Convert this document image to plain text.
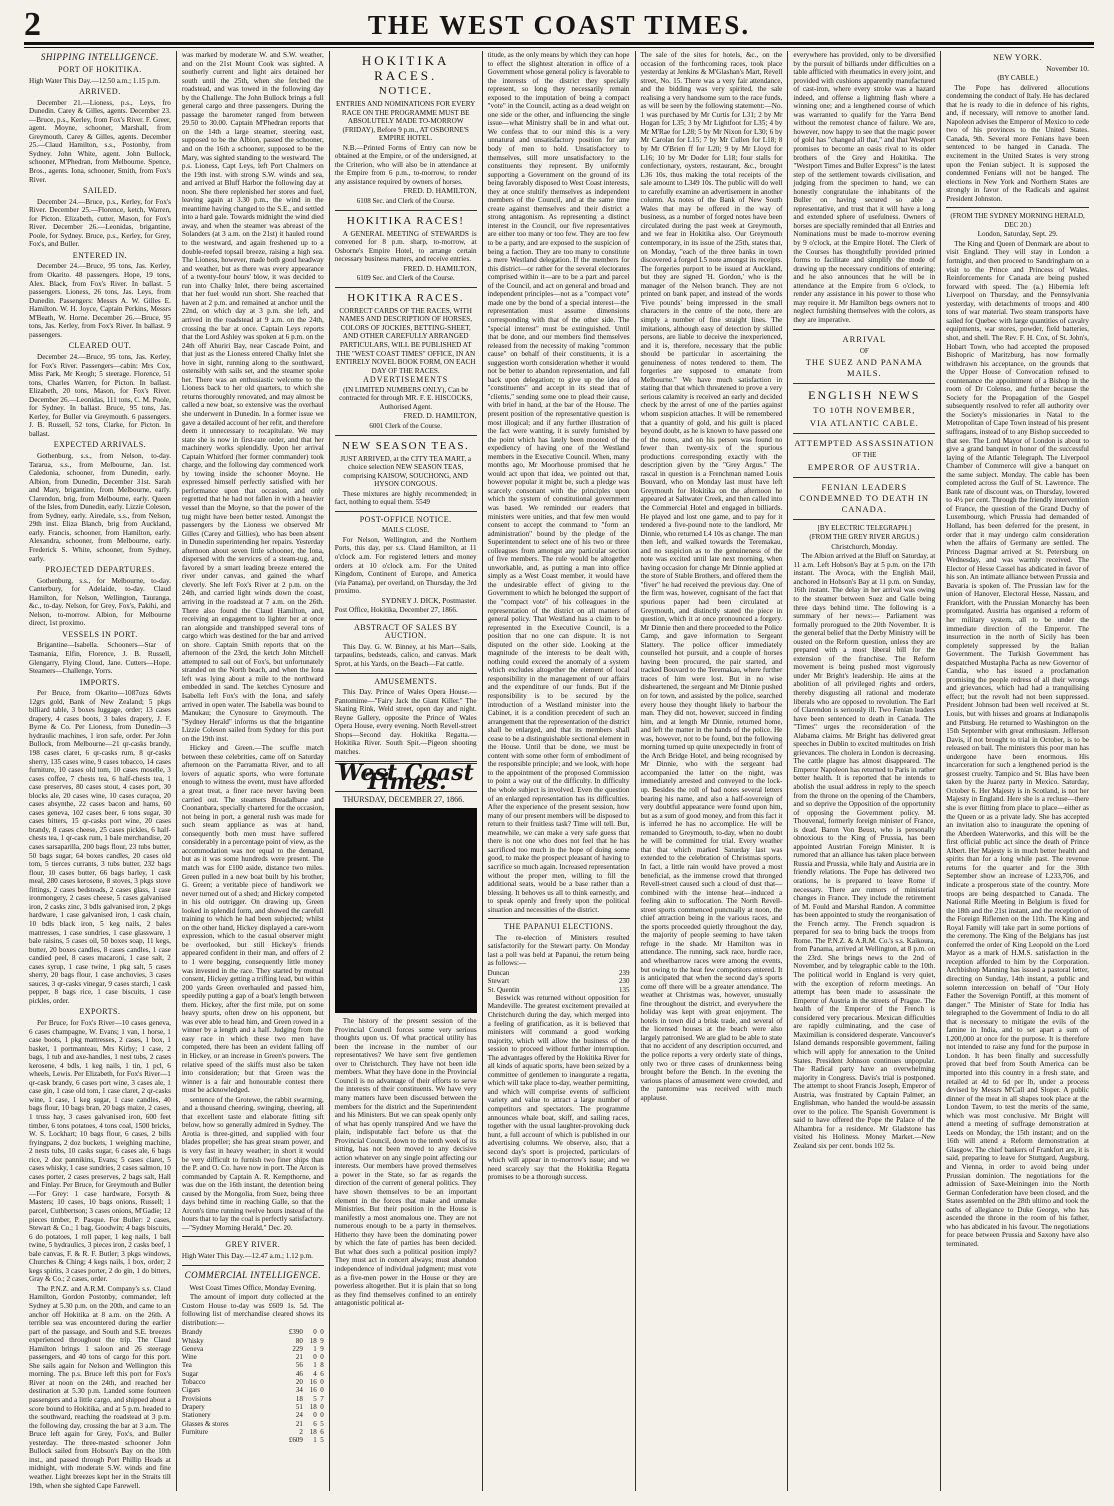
2	THE WEST COAST TIMES.
SHIPPING INTELLIGENCE.
PORT OF HOKITIKA.

High Water This Day.—12.50 a.m.; 1.15 p.m.

ARRIVED.

December 21.—Lioness, p.s., Leys, fro Dunedin. Carey & Gilles, agents. December 23.—Bruce, p.s., Kerley, from Fox's River. F. Greer, agent. Moyne, schooner, Marshall, from Greymouth. Carey & Gilles, agents. December 25.—Claud Hamilton, s.s., Postonby, from Sydney. John White, agent. John Bullock, schooner, M'Phedran, from Melbourne. Spence, Bros., agents. Iona, schooner, Smith, from Fox's River.

SAILED.

December 24.—Bruce, p.s., Kerley, for Fox's River. December 25.—Florence, ketch, Warren, for Picton. Elizabeth, cutter, Mason, for Fox's River. December 26.—Leonidas, brigantine, Poole, for Sydney. Bruce, p.s., Kerley, for Grey, Fox's, and Buller.

ENTERED IN.

December 24.—Bruce, 95 tons, Jas. Kerley, from Okarito. 48 passengers. Hope, 19 tons, Alex. Black, from Fox's River. In ballast. 5 passengers. Lioness, 26 tons, Jas. Leys, from Dunedin. Passengers: Messrs A. W. Gilles E. Hamilton. W. H. Joyce, Captain Perkins, Messrs M'Beath, W. Horne. December 26.—Bruce, 95 tons, Jas. Kerley, from Fox's River. In ballast. 9 passengers.

CLEARED OUT.

December 24.—Bruce, 95 tons, Jas. Kerley, for Fox's River. Passengers—cabin: Mrs Cox, Miss Park, Mr Keogh; 5 steerage. Florence, 51 tons, Charles Warren, for Picton. In ballast. Elizabeth, 20 tons, Mason, for Fox's River. December 26.—Leonidas, 111 tons, C. M. Poole, for Sydney. In ballast. Bruce, 95 tons, Jas. Kerley, for Buller via Greymouth. 6 passengers. J. B. Russell, 52 tons, Clarke, for Picton. In ballast.

EXPECTED ARRIVALS.

Gothenburg, s.s., from Nelson, to-day. Tararua, s.s., from Melbourne, Jan. 1st. Caledonia, schooner, from Dunedin, early. Albion, from Dunedin, December 31st. Sarah and Mary, brigantine, from Melbourne, early. Clarendon, brig, from Melbourne, early. Queen of the Isles, from Dunedin, early. Lizzie Coleson, from Sydney, early. Airedale, s.s., from Nelson, 29th inst. Eliza Blanch, brig from Auckland, early. Francis, schooner, from Hamilton, early. Alexandra, schooner, from Melbourne, early. Frederick S. White, schooner, from Sydney, early.

PROJECTED DEPARTURES.

Gothenburg, s.s., for Melbourne, to-day. Canterbury, for Adelaide, to-day. Claud Hamilton, for Nelson, Wellington, Tauranga, &c., to-day. Nelson, for Grey, Fox's, Pakihi, and Nelson, to-morrow. Albion, for Melbourne direct, 1st proximo.

VESSELS IN PORT.

Brigantine—Isabella. Schooners—Star of Tasmania, Elfin, Florence, J. B. Russell, Glengarry, Flying Cloud, Jane. Cutters—Hope. Steamers—Challenge, Yorrs.

IMPORTS.

Per Bruce, from Okarito—1087ozs 6dwts 12grs gold, Bank of New Zealand; 5 pkgs billiard table, 3 boxes luggage, order; 13 cases drapery, 4 cases boots, 3 bales drapery, J. F. Byrne & Co. Per Lioness, from Dunedin—3 hydraulic machines, 1 iron safe, order. Per John Bullock, from Melbourne—21 qr-casks brandy, 198 cases claret, 6 qr-casks rum, 8 qr-casks sherry, 135 cases wine, 9 cases tobacco, 14 cases furniture, 10 cases old tom, 10 cases moselle, 3 cases coffee, 7 chests tea, 6 half-chests tea, 1 case preserves, 80 cases stout, 4 cases port, 30 blocks ale, 20 cases wine, 10 cases curaçoa, 20 cases absynthe, 22 cases bacon and hams, 60 cases geneva, 102 cases beer, 6 tons sugar, 30 cases bitters, 15 qr-casks port wine, 20 cases brandy, 8 cases cheese, 25 cases pickles, 6 half-chests tea, 1 qr-cask rum, 1 bale merchandise, 20 cases sarsaparilla, 200 bags flour, 23 tubs butter, 50 bags sugar, 64 boxes candles, 20 cases old tom, 5 tierces currants, 3 tubs butter, 232 bags flour, 10 cases butter, 66 bags barley, 1 cask meal, 280 cases kerosene, 8 stoves, 3 pkgs stove fittings, 2 cases bedsteads, 2 cases glass, 1 case ironmongery, 2 cases cheese, 5 cases galvanised iron, 2 casks zinc, 3 bdls galvanised iron, 2 pkgs hardware, 1 case galvanised iron, 1 cask chain, 10 bdls black iron, 5 keg nails, 2 bales mattresses, 1 case sundries, 1 case glassware, 1 bale raisins, 5 cases oil, 50 boxes soap, 11 kegs, butter, 20 boxes candles, 8 cases candles, 1 case candied peel, 8 cases macaroni, 1 case salt, 2 cases syrup, 1 case twine, 1 pkg salt, 5 cases sherry, 20 bags flour, 1 case anchovies, 3 cases sauces, 3 qr-casks vinegar, 9 cases starch, 1 cask pepper, 8 bags rice, 1 case biscuits, 1 case pickles, order.

EXPORTS.

Per Bruce, for Fox's River—10 cases geneva, 6 cases champagne, W. Evans; 1 van, 1 horse, 1 case boots, 1 pkg mattresses, 2 cases, 1 box, 1 basket, 1 portmanteau, Mrs Kirby; 1 case, 2 bags, 1 tub and axe-handles, 1 nest tubs, 2 cases kerosene, 4 bdls, 1 keg nails, 1 tin, 1 pcl, 6 wheels, Lewis. Per Elizabeth, for Fox's River—1 qr-cask brandy, 6 cases port wine, 3 cases ale, 1 case gin, 1 case old tom, 1 case claret, 2 qr-casks wine, 1 case, 1 keg sugar, 1 case candles, 40 bags flour, 10 bags bran, 20 bags maize, 2 cases, 1 truss hay, 3 cases galvanised iron, 600 feet timber, 6 tons potatoes, 4 tons coal, 1500 bricks, W. S. Lockhart; 10 bags flour, 6 cases, 2 bills fryingpans, 2 doz buckets, 1 weighing machine, 2 nests tubs, 10 casks sugar, 6 cases ale, 6 bags rice, 2 doz pannikins, Evans; 5 cases claret, 5 cases whisky, 1 case sundries, 2 cases salmon, 10 cases porter, 2 cases preserves, 2 bags salt, Hall and Finlay. Per Bruce, for Greymouth and Buller—For Grey: 1 case hardware, Forsyth & Masters; 10 cases, 10 bags onions, Russell; 1 parcel, Cuthbertson; 3 cases onions, M'Gadie; 12 pieces timber, P. Pasque. For Buller: 2 cases, Stewart & Co.; 1 bag, Goodwin; 4 bags biscuits, 6 do potatoes, 1 roll paper, 1 keg nails, 1 ball twine, 5 hydraulics, 3 pieces iron, 2 casks beef, 1 bale canvas, F. & R. F. Butler; 3 pkgs windows, Churches & Ching; 4 kegs nails, 1 box, order; 2 kegs spirits, 3 cases porter, 2 do gin, 1 do bitters, Gray & Co.; 2 cases, order.

The P.N.Z. and A.R.M. Company's s.s. Claud Hamilton, Gordon Postonby, commander, left Sydney at 5.30 p.m. on the 20th, and came to an anchor off Hokitika at 8 a.m. on the 26th. A terrible sea was encountered during the earlier part of the passage, and South and S.E. breezes experienced throughout the trip. The Claud Hamilton brings 1 saloon and 26 steerage passengers, and 40 tons of cargo for this port. She sails again for Nelson and Wellington this morning. The p.s. Bruce left this port for Fox's River at noon on the 24th, and reached her destination at 5.30 p.m. Landed some fourteen passengers and a little cargo, and shipped about a score bound to Hokitika, and at 5 p.m. headed to the southward, reaching the roadstead at 3 p.m. the following day, crossing the bar at 3 a.m. The Bruce left again for Grey, Fox's, and Buller yesterday. The three-masted schooner John Bullock sailed from Hobson's Bay on the 10th inst., and passed through Port Phillip Heads at midnight, with moderate S.W. winds and fine weather. Light breezes kept her in the Straits till 19th, when she sighted Cape Farewell.

was marked by moderate W. and S.W. weather, and on the 21st Mount Cook was sighted. A southerly current and light airs detained her south until the 25th, when she fetched the roadstead, and was towed in the following day by the Challenge. The John Bullock brings a full general cargo and three passengers. During the passage the barometer ranged from between 29.50 to 30.00. Captain M'Phedran reports that on the 14th a large steamer, steering east, supposed to be the Albion, passed the schooner, and on the 16th a schooner, supposed to be the Mary, was sighted standing to the westward. The p.s. Lioness, Capt Leys, left Port Chalmers on the 19th inst. with strong S.W. winds and sea, and arrived at Bluff Harbor the following day at noon. She there replenished her stores and fuel, leaving again at 3.30 p.m., the wind in the meantime having changed to the S.E., and settled into a hard gale. Towards midnight the wind died away, and when the steamer was abreast of the Solanders (at 3 a.m. on the 21st) it hauled round to the westward, and again freshened up to a double-reefed topsail breeze, raising a high sea. The Lioness, however, made both good headway and weather, but as there was every appearance of a twenty-four hours' blow, it was decided to run into Chalky Inlet, there being ascertained that her fuel would run short. She reached that haven at 2 p.m. and remained at anchor until the 22nd, on which day at 3 p.m. she left, and arrived in the roadstead at 9 a.m. on the 24th, crossing the bar at once. Captain Leys reports that the Lord Ashley was spoken at 6 p.m. on the 24th off Ahuriri Bay, near Cascade Point, and that just as the Lioness entered Chalky Inlet she hove in sight, running along to the southward, ostensibly with sails set, and the steamer spoke her. There was an enthusiastic welcome to the Lioness back to her old quarters, to which she returns thoroughly renovated, and may almost be called a new boat, so extensive was the overhaul she underwent in Dunedin. In a former issue we gave a detailed account of her refit, and therefore deem it unnecessary to recapitulate. We may state she is now in first-rate order, and that her machinery works splendidly. Upon her arrival Captain Whitford (her former commander) took charge, and the following day commenced work by towing inside the schooner Moyne. He expressed himself perfectly satisfied with her performance upon that occasion, and only regretted that he had not fallen in with a heavier vessel than the Moyne, so that the power of the tug might have been better tested. Amongst the passengers by the Lioness we observed Mr Gilles (Carey and Gillies), who has been absent in Dunedin superintending her repairs. Yesterday afternoon about seven little schooner, the Iona, dispersed with the services of a steam-tug, and, favored by a smart leading breeze entered the river under canvas, and gained the wharf cleverly. She left Fox's River at 2 p.m. on the 24th, and carried light winds down the coast, arriving in the roadstead at 7 a.m. on the 26th. There also found the Claud Hamilton, and, receiving an engagement to lighter her at once ran alongside and transhipped several tons of cargo which was destined for the bar and arrived on shore. Captain Smith reports that on the afternoon of the 23rd, the ketch John Mitchell attempted to sail out of Fox's, but unfortunately stranded on the North beach, and when the Iona left was lying about a mile to the northward embedded in sand. The ketches Cynosure and Isabella left Fox's with the Iona, and safely arrived in open water. The Isabella was bound to Manukau; the Cynosure to Greymouth. The "Sydney Herald" informs us that the brigantine Lizzie Coleson sailed from Sydney for this port on the 19th inst.

Hickey and Green.—The scuffle match between these celebrities, came off on Saturday afternoon on the Parramatta River, and to all lovers of aquatic sports, who were fortunate enough to witness the event, must have afforded a great treat, a finer race never having been carried out. The steamers Breadalbane and Coonanbara, specially chartered for the occasion, not being in port, a general rush was made for such steam appliance as was at hand, consequently both men must have suffered considerably in a percentage point of view, as the accommodation was not equal to the demand, but as it was some hundreds were present. The match was for £100 aside, distance two miles. Green pulled in a new boat built by his brother, G. Green; a veritable piece of handiwork we never turned out of a shed; and Hickey competed in his old outrigger. On drawing up, Green looked in splendid form, and showed the carefull training to which he had been subjected; whilst on the other hand, Hickey displayed a care-worn expression, which to the casual observer might be overlooked, but still Hickey's friends appeared confident in their man, and offers of 2 to 1 were begging, consequently little money was invested in the race. They started by mutual consent, Hickey getting a trifling lead, but within 200 yards Green overhauled and passed him, speedily putting a gap of a boat's length between them. Hickey, after the first mile, put on some heavy spurts, often drew on his opponent, but was ever able to head him, and Green rowed in a winner by a length and a half. Judging from the easy race in which these two men have competed, there has been an evident falling off in Hickey, or an increase in Green's powers. The relative speed of the skiffs must also be taken into consideration; but that Green was the winner is a fair and honourable contest there must be acknowledged.

sentence of the Grotewe, the rabbit swarming, and a thousand cheering, swinging, cheering, all that excellent taste and elaborate fitting sift below, how so generally admired in Sydney. The Arotia is three-gitted, and supplied with four blades propeller; she has great steam power, and is very fast in heavy weather; in short it would be very difficult to furnish two finer ships than the P. and O. Co. have now in port. The Arcon is commanded by Captain A. R. Kempthorne, and was due on the 16th instant, the detention being caused by the Mongolia, from Suez, being three days behind time in reaching Galle, so that the Arcon's time running twelve hours instead of the hours that to lay the coal is perfectly satisfactory.—"Sydney Morning Herald," Dec. 20.

GREY RIVER.

High Water This Day.—12.47 a.m.; 1.12 p.m.

COMMERCIAL INTELLIGENCE.

West Coast Times Office, Monday Evening.

The amount of import duty collected at the Custom House to-day was £609 1s. 5d. The following list of merchandise cleared shows its distribution:—

Brandy	£390	0	0
Whisky	80	18	9
Geneva	229	1	9
Wine	21	0	0
Tea	56	1	8
Sugar	46	4	6
Tobacco	20	16	0
Cigars	34	16	0
Provisions	18	5	7
Drapery	51	18	0
Stationery	24	0	0
Glasses & stores	21	6	5
Furniture	2	18	6
	£609	1	5
HOKITIKA RACES.
NOTICE.

ENTRIES AND NOMINATIONS FOR EVERY RACE ON THE PROGRAMME MUST BE ABSOLUTELY MADE TO-MORROW (FRIDAY), Before 9 p.m., AT OSBORNE'S EMPIRE HOTEL.

N.B.—Printed Forms of Entry can now be obtained at the Empire, or of the undersigned, at the Criterion, who will also be in attendance at the Empire from 6 p.m., to-morrow, to render any assistance required by owners of horses.

FRED. D. HAMILTON,
6108 Sec. and Clerk of the Course.
HOKITIKA RACES!

A GENERAL MEETING of STEWARDS is convened for 8 p.m. sharp, to-morrow, at Osborne's Empire Hotel, to arrange certain necessary business matters, and receive entries.

FRED. D. HAMILTON,
6109 Sec. and Clerk of the Course.
HOKITIKA RACES.

CORRECT CARDS OF THE RACES, WITH NAMES AND DESCRIPTION OF HORSES, COLORS OF JOCKIES, BETTING-SHEET, AND OTHER CAREFULLY ARRANGED PARTICULARS, WILL BE PUBLISHED AT THE "WEST COAST TIMES" OFFICE, IN AN ENTIRELY NOVEL BOOK FORM, ON EACH DAY OF THE RACES.

ADVERTISEMENTS

(IN LIMITED NUMBERS ONLY), Can be contracted for through MR. F. E. HISCOCKS, Authorised Agent.

FRED. D. HAMILTON,
6001 Clerk of the Course.
NEW SEASON TEAS.

JUST ARRIVED, at the CITY TEA MART, a choice selection NEW SEASON TEAS, comprising KAISOW, SOUCHONG, AND HYSON CONGOUS.

These mixtures are highly recommended; in fact, nothing to equal them. 5549

POST-OFFICE NOTICE.
MAILS CLOSE.

For Nelson, Wellington, and the Northern Ports, this day, per s.s. Claud Hamilton, at 11 o'clock a.m. For registered letters and money orders at 10 o'clock a.m. For the United Kingdom, Continent of Europe, and America (via Panama), per overland, on Thursday, the 3rd proximo.

SYDNEY J. DICK, Postmaster.

Post Office, Hokitika, December 27, 1866.

ABSTRACT OF SALES BY AUCTION.

This Day. G. W. Binney, at his Mart—Sails, tarpaulins, bedsteads, calico, and canvas. Mark Sprot, at his Yards, on the Beach—Fat cattle.

AMUSEMENTS.

This Day. Prince of Wales Opera House.—Pantomime—"Fairy Jack the Giant Killer." The Skating Rink, Weld street, open day and night. Reyne Gallery, opposite the Prince of Wales Opera House, every evening. North Revell-street Shops—Second day. Hokitika Regatta.—Hokitika River. South Spit.—Pigeon shooting matches.

West Coast Times.

THURSDAY, DECEMBER 27, 1866.

The history of the present session of the Provincial Council forces some very serious thoughts upon us. Of what practical utility has been the increase in the number of our representatives? We have sent five gentlemen over to Christchurch. They have not been idle members. What they have done in the Provincial Council is no advantage of their efforts to serve the interests of their constituents. We have very many matters have been discussed between the members for the district and the Superintendent and his Ministers. But we can speak openly only of what has openly transpired And we have the plain, indisputable fact before us that the Provincial Council, down to the tenth week of its sitting, has not been moved to any decisive action whatever on any single point affecting our interests. Our members have proved themselves a power in the State, so far as regards the direction of the current of general politics. They have shown themselves to be an important element in the forces that make and unmake Ministries. But their position in the House is manifestly a most anomalous one. They are not numerous enough to be a party in themselves. Hitherto they have been the dominating power by which the fate of parties has been decided. But what does such a political position imply? They must act in concert always; must abandon independence of individual judgment; must vote as a five-men power in the House or they are powerless altogether. But it is plain that so long as they find themselves confined to an entirely antagonistic political at-

titude, as the only means by which they can hope to effect the slightest alteration in office of a Government whose general policy is favorable to the interests of the district they specially represent, so long they necessarily remain exposed to the imputation of being a compact "vote" in the Council, acting as a dead weight on one side or the other, and influencing the single issue—what Ministry shall be in and what out. We confess that to our mind this is a very unnatural and unsatisfactory position for any body of men to hold. Unsatisfactory to themselves, still more unsatisfactory to the constituents they represent. By uniformly supporting a Government on the ground of its being favorably disposed to West Coast interests, they at once stultify themselves as independent members of the Council, and at the same time create against themselves and their district a strong antagonism. As representing a distinct interest in the Council, our five representatives are either too many or too few. They are too few to be a party, and are exposed to the suspicion of being a faction. They are too many to constitute a mere Westland delegation. If the members for this district—or rather for the several electorates comprised within it—are to be a part and parcel of the Council, and act on general and broad and independent principles—not as a "compact vote" made one by the bond of a special interest—the representation must assume dimensions corresponding with that of the other side. The "special interest" must be extinguished. Until that be done, and our members find themselves released from the necessity of making "common cause" on behalf of their constituents, it is a suggestion worth consideration whether it would not be better to abandon representation, and fall back upon delegation; to give up the idea of "constituents" and accept in its stead that of "clients," sending some one to plead their cause, with brief in hand, at the bar of the House. The present position of the representative question is most illogical; and if any further illustration of the fact were wanting, it is surely furnished by the point which has lately been mooted of the expediency of having one of the Westland members in the Executive Council. When, many months ago, Mr Moorhouse promised that he would act upon that idea, we pointed out that, however popular it might be, such a pledge was scarcely consonant with the principles upon which the system of constitutional government was based. We reminded our readers that ministers were unities, and that few men would consent to accept the command to "form an administration" bound by the pledge of the Superintendent to select one of his two or three colleagues from amongst any particular section of five members. The rule would be altogether unworkable, and, as putting a man into office simply as a West Coast member, it would have the undesirable effect of giving to the Government to which he belonged the support of the "compact vote" of his colleagues in the representation of the district on all matters of general policy. That Westland has a claim to be represented in the Executive Council, is a position that no one can dispute. It is not disputed on the other side. Looking at the magnitude of the interests to be dealt with, nothing could exceed the anomaly of a system which excludes altogether the element of local responsibility in the management of our affairs and the expenditure of our funds. But if the responsibility is to be secured by the introduction of a Westland minister into the Cabinet, it is a condition precedent of such an arrangement that the representation of the district shall be enlarged, and that its members shall cease to be a distinguishable sectional element in the House. Until that be done, we must be content with some other form of embodiment of the responsible principle; and we look, with hope to the appointment of the proposed Commission to point a way out of the difficulty. In difficulty the whole subject is involved. Even the question of an enlarged representation has its difficulties. After the experience of the present session, how many of our present members will be disposed to return to their fruitless task? Time will tell. But, meanwhile, we can make a very safe guess that there is not one who does not feel that he has sacrificed too much in the hope of doing some good, to make the prospect pleasant of having to sacrifice so much again. Increased representation without the proper men, willing to fill the additional seats, would be a base rather than a blessing. It behoves us all to think earnestly, and to speak openly and freely upon the political situation and necessities of the district.

THE PAPANUI ELECTIONS.

The re-election of Ministers resulted satisfactorily for the Stewart party. On Monday last a poll was held at Papanui, the return being as follows:—

Duncan	239
Stewart	230
St. Quentin	135

Beswick was returned without opposition for Mandeville. The greatest excitement prevailed at Christchurch during the day, which merged into a feeling of gratification, as it is believed that ministers will command a good working majority, which will allow the business of the session to proceed without further interruption. The advantages offered by the Hokitika River for all kinds of aquatic sports, have been seized by a committee of gentlemen to inaugurate a regatta, which will take place to-day, weather permitting, and which will comprise events of sufficient variety and value to attract a large number of competitors and spectators. The programme announces whale boat, skiff, and sailing races, together with the usual laughter-provoking duck hunt, a full account of which is published in our advertising columns. We observe, also, that a second day's sport is projected, particulars of which will appear in to-morrow's issue; and we need scarcely say that the Hokitika Regatta promises to be a thorough success.

The sale of the sites for hotels, &c., on the occasion of the forthcoming races, took place yesterday at Jenkins & M'Glashan's Mart, Revell street, No. 15. There was a very fair attendance, and the bidding was very spirited, the sale realising a very handsome sum to the race funds, as will be seen by the following statement:—No. 1 was purchased by Mr Curtis for L31; 2 by Mr Hogan for L35; 3 by Mr Lightfoot for L35; 4 by Mr M'Rae for L28; 5 by Mr Nixon for L30; 6 by Mr Carolan for L15; 7 by Mr Cullen for L18; 8 by Mr O'Brien ff for L20; 9 by Mr Lloyd for L16; 10 by Mr Doder for L18; four stalls for confectionary, oysters, restaurant, &c., brought L36 10s, thus making the total receipts of the sale amount to L349 10s. The public will do well to carefully examine an advertisement in another column. As notes of the Bank of New South Wales that may be offered in the way of business, as a number of forged notes have been circulated during the past week at Greymouth, and we fear in Hokitika also. Our Greymouth contemporary, in its issue of the 25th, states that, on Monday, "each of the three banks in town discovered a forged L5 note amongst its receipts. The forgeries purport to be issued at Auckland, but they are signed 'H. Gordon,' who is the manager of the Nelson branch. They are not printed on bank paper, and instead of the words 'Five pounds' being impressed in the small characters in the centre of the note, there are simply a number of fine straight lines. The imitations, although easy of detection by skilled persons, are liable to deceive the inexperienced, and it is, therefore, necessary that the public should be particular in ascertaining the genuineness of notes tendered to them. The forgeries are supposed to emanate from Melbourne." We have much satisfaction in stating that that which threatened to prove a very serious calamity is received an early and decided check by the arrest of one of the parties against whom suspicion attaches. It will be remembered that a quantity of gold, and his guilt is placed beyond doubt, as he is known to have passed one of the notes, and on his person was found no fewer than twenty-six of the spurious productions corresponding exactly with the description given by the "Grey Argus." The rascal in question is a Frenchman named Louis Bouvard, who on Monday last must have left Greymouth for Hokitika on the afternoon he appeared at Saltwater Creek, and then called into the Commercial Hotel and engaged in billiards. He played and lost one game, and to pay for it tendered a five-pound note to the landlord, Mr Dinnie, who returned L4 10s as change. The man then left, and walked towards the Teremakau, and no suspicion as to the genuineness of the note was excited until late next morning, when having occasion for change Mr Dinnie applied at the store of Stable Brothers, and offered them the "fiver" he had received the previous day. One of the firm was, however, cognisant of the fact that spurious paper had been circulated at Greymouth, and distinctly stated the piece in question, which it at once pronounced a forgery. Mr Dinnie then and there proceeded to the Police Camp, and gave information to Sergeant Slattery. The police officer immediately counselled hot pursuit, and a couple of horses having been procured, the pair started, and tracked Bouvard to the Teremakau, where further traces of him were lost. But in no wise disheartened, the sergeant and Mr Dinnie pushed on for town, and assisted by the police, searched every house they thought likely to harbour the man. They did not, however, succeed in finding him, and at length Mr Dinnie, returned home, and left the matter in the hands of the police. He was, however, not to be found, but the following morning turned up quite unexpectedly in front of the Arch Bridge Hotel, and being recognised by Mr Dinnie, who with the sergeant had accompanied the latter on the night, was immediately arrested and conveyed to the lock-up. Besides the roll of bad notes several letters bearing his name, and also a half-sovereign of very doubtful appearance were found upon him, but as a sum of good money, and from this fact it is inferred he has no accomplice. He will be remanded to Greymouth, to-day, when no doubt he will be committed for trial. Every weather that that which marked Saturday last was extended to the celebration of Christmas sports. In fact, a little rain would have proved a most beneficial, as the immense crowd that thronged Revell-street caused such a cloud of dust that—combined with the intense heat—induced a feeling akin to suffocation. The North Revell-street sports commenced punctually at noon, the chief attraction being in the various races, and the sports proceeded quietly throughout the day, the majority of people seeming to have taken refuge in the shade. Mr Hamilton was in attendance. The running, sack race, hurdle race, and wheelbarrow races were among the events, but owing to the heat few competitors entered. It is anticipated that when the second day's sports come off there will be a greater attendance. The weather at Christmas was, however, unusually fine throughout the district, and everywhere the holiday was kept with great enjoyment. The hotels in town did a brisk trade, and several of the licensed houses at the beach were also largely patronised. We are glad to be able to state that no accident of any description occurred, and the police reports a very orderly state of things, only two or three cases of drunkenness being brought before the Bench. In the evening the various places of amusement were crowded, and the pantomime was received with much applause.

everywhere has provided, only to be diversified by the pursuit of billiards under difficulties on a table afflicted with rheumatics in every joint, and provided with cushions apparently manufactured of cast-iron, where every stroke was a hazard indeed, and offense a lightning flash where a winning one; and a lengthened course of which was warranted to qualify for the Yarra Bend without the remotest chance of failure. We are, however, now happy to see that the magic power of gold has "changed all that," and that Westport promises to become an oasis rival to its older brothers of the Grey and Hokitika. The "Westport Times and Buller Express" is the latest step of the settlement towards civilisation, and judging from the specimen to hand, we can honestly congratulate the inhabitants of the Buller on having secured so able a representative, and trust that it will have a long and extended sphere of usefulness. Owners of horses are specially reminded that all Entries and Nominations must be made to-morrow evening by 9 o'clock, at the Empire Hotel. The Clerk of the Courses has thoughtfully provided printed forms to facilitate and simplify the mode of drawing up the necessary conditions of entering; and he also announces that he will be in attendance at the Empire from 6 o'clock, to render any assistance in his power to those who may require it. Mr Hamilton begs owners not to neglect furnishing themselves with the colors, as they are imperative.

ARRIVAL
OF
THE SUEZ AND PANAMA MAILS.
ENGLISH NEWS
TO 10TH NOVEMBER,
VIA ATLANTIC CABLE.
ATTEMPTED ASSASSINATION
OF THE
EMPEROR OF AUSTRIA.
FENIAN LEADERS CONDEMNED TO DEATH IN CANADA.
[BY ELECTRIC TELEGRAPH.]
(FROM THE GREY RIVER ARGUS.)

Christchurch, Monday.

The Albion arrived at the Bluff on Saturday, at 11 a.m. Left Hobson's Bay at 5 p.m. on the 17th instant. The Avoca, with the English Mail, anchored in Hobson's Bay at 11 p.m. on Sunday, 16th instant. The delay in her arrival was owing to the steamer between Suez and Galle being three days behind time. The following is a summary of her news:— Parliament was formally prorogued to the 20th November. It is the general belief that the Derby Ministry will be ousted on the Reform question, unless they are prepared with a most liberal bill for the extension of the franchise. The Reform movement is being pushed most vigorously under Mr Bright's leadership. He aims at the abolition of all privileged rights and orders, thereby disgusting all rational and moderate liberals who are opposed to revolution. The Earl of Clarendon is seriously ill. Two Fenian leaders have been sentenced to death in Canada. The "Times" urges the reconsideration of the Alabama claims. Mr Bright has delivered great speeches in Dublin to excited multitudes on Irish grievances. The cholera in London is decreasing. The cattle plague has almost disappeared. The Emperor Napoleon has returned to Paris in rather better health. It is reported that he intends to abolish the usual address in reply to the speech from the throne on the opening of the Chambers, and so deprive the Opposition of the opportunity of opposing the Government policy. M. Thouvenal, formerly foreign minister of France, is dead. Baron Von Beust, who is personally obnoxious to the King of Prussia, has been appointed Austrian Foreign Minister. It is rumored that an alliance has taken place between Russia and Prussia, while Italy and Austria are in friendly relations. The Pope has delivered two orations, he is prepared to leave Rome if necessary. There are rumors of ministerial changes in France. They include the retirement of M. Fould and Marshal Randon. A committee has been appointed to study the reorganisation of the French army. The French squadron is prepared for sea to bring back the troops from Rome. The P.N.Z. & A.R.M. Co.'s s.s. Kaikoura, from Panama, arrived at Wellington, at 8 p.m. on the 23rd. She brings news to the 2nd of November, and by telegraphic cable to the 10th. The political world in England is very quiet, with the exception of reform meetings. An attempt has been made to assassinate the Emperor of Austria in the streets of Prague. The health of the Emperor of the French is considered very precarious. Mexican difficulties are rapidly culminating, and the case of Maximilian is considered desperate. Vancouver's Island demands responsible government, failing which will apply for annexation to the United States. President Johnson continues unpopular. The Radical party have an overwhelming majority in Congress. Davis's trial is postponed. The attempt to shoot Francis Joseph, Emperor of Austria, was frustrated by Captain Palmer, an Englishman, who handed the would-be assassin over to the police. The Spanish Government is said to have offered the Pope the Palace of the Alhambra for a residence. Mr Gladstone has visited his Holiness. Money Market.—New Zealand six per cent. bonds 102 5s.

NEW YORK.
November 10.
(BY CABLE.)

The Pope has delivered allocutions condemning the conduct of Italy. He has declared that he is ready to die in defence of his rights, and, if necessary, will remove to another land. Napoleon advises the Emperor of Mexico to cede two of his provinces to the United States. Canada, 9th. Several more Fenians have been sentenced to be hanged in Canada. The excitement in the United States is very strong upon the Fenian subject. It is supposed the condemned Fenians will not be hanged. The elections in New York and Northern States are strongly in favor of the Radicals and against President Johnston.

(FROM THE SYDNEY MORNING HERALD, DEC 20.)

London, Saturday, Sept. 29.

The King and Queen of Denmark are about to visit England. They will stay in London a fortnight, and then proceed to Sandringham on a visit to the Prince and Princess of Wales. Reinforcements for Canada are being pushed forward with speed. The (a.) Hibernia left Liverpool on Thursday, and the Pennsylvania yesterday, with detachments of troops and 400 tons of war material. Two steam transports have sailed for Quebec with large quantities of cavalry equipments, war stores, powder, field batteries, shot, and shell. The Rev. F. H. Cox, of St. John's, Hobart Town, who had accepted the proposed Bishopric of Maritzburg, has now formally withdrawn his acceptance, on the grounds that the Upper House of Convocation refused to countenance the appointment of a Bishop in the room of Dr Colenso, and further because the Society for the Propagation of the Gospel subsequently resolved to refer all authority over the Society's missionaries in Natal to the Metropolitan of Cape Town instead of his present suffragans, instead of to any Bishop succeeded to that see. The Lord Mayor of London is about to give a grand banquet in honor of the successful laying of the Atlantic Telegraph. The Liverpool Chamber of Commerce will give a banquet on the same subject. Monday. The cable has been completed across the Gulf of St. Lawrence. The Bank rate of discount was, on Thursday, lowered to 4½ per cent. Through the friendly intervention of France, the question of the Grand Duchy of Luxembourg, which Prussia had demanded of Holland, has been deferred for the present, in order that it may undergo calm consideration when the affairs of Germany are settled. The Princess Dagmar arrived at St. Petersburg on Wednesday, and was warmly received. The Elector of Hesse Cassel has abdicated in favor of his son. An intimate alliance between Prussia and Bavaria is spoken of. The Prussian law for the union of Hanover, Electoral Hesse, Nassau, and Frankfort, with the Prussian Monarchy has been promulgated. Austria has organised a reform of her military system, all to be under the immediate direction of the Emperor. The insurrection in the north of Sicily has been completely suppressed by the Italian Government. The Turkish Government has despatched Mustapha Pacha as new Governor of Candia, who has issued a proclamation promising the people redress of all their wrongs and grievances, which had had a tranquilising effect; but the revolt had not been suppressed. President Johnson had been well received at St. Louis, but with hisses and groans at Indianapolis and Pittsburg. He returned to Washington on the 15th September with great enthusiasm. Jefferson Davis, if not brought to trial in October, is to be released on bail. The ministers this poor man has undergone have been enormous. His incarceration for such a lengthened period is the grossest cruelty. Tampico and St. Blas have been taken by the Juarez party in Mexico. Saturday, October 6. Her Majesty is in Scotland, is not her Majesty in England. Here she is a recluse—there she is ever flitting from place to place—either as the Queen or as a private lady. She has accepted an invitation also to inaugurate the opening of the Aberdeen Waterworks, and this will be the first official public act since the death of Prince Albert. Her Majesty is in much better health and spirits than for a long while past. The revenue returns for the quarter and for the 30th September show an increase of L233,706, and indicate a prosperous state of the country. More troops are being despatched to Canada. The National Rifle Meeting in Belgium is fixed for the 18th and the 21st instant, and the reception of the Foreign Riflemen on the 11th. The King and Royal Family will take part in some portions of the ceremony. The King of the Belgians has just conferred the order of King Leopold on the Lord Mayor as a mark of H.M.S. satisfaction in the reception afforded to him by the Corporation. Archbishop Manning has issued a pastoral letter, directing on Sunday, 14th instant, a public and solemn intercession on behalf of "Our Holy Father the Sovereign Pontiff, at this moment of danger." The Minister of State for India has telegraphed to the Government of India to do all that is necessary to mitigate the evils of the famine in India, and to set apart a sum of L200,000 at once for the purpose. It is therefore not intended to raise any fund for the purpose in London. It has been finally and successfully proved that beef from South America can be imported into this country in a fresh state, and retailed at 4d to 6d per lb, under a process devised by Messrs M'Call and Sloper. A public dinner of the meat in all shapes took place at the London Tavern, to test the merits of the same, which was most conclusive. Mr Bright will attend a meeting of suffrage demonstration at Leeds on Monday, the 15th instant; and on the 16th will attend a Reform demonstration at Glasgow. The chief bankers of Frankfort are, it is said, preparing to leave for Stuttgard, Augsburg, and Vienna, in order to avoid being under Prussian dominion. The negotiations for the admission of Saxe-Meiningen into the North German Confederation have been closed, and the States assembled on the 28th ultimo and took the oaths of allegiance to Duke George, who has ascended the throne in the room of his father, who has abdicated in his favour. The negotiations for peace between Prussia and Saxony have also terminated.
